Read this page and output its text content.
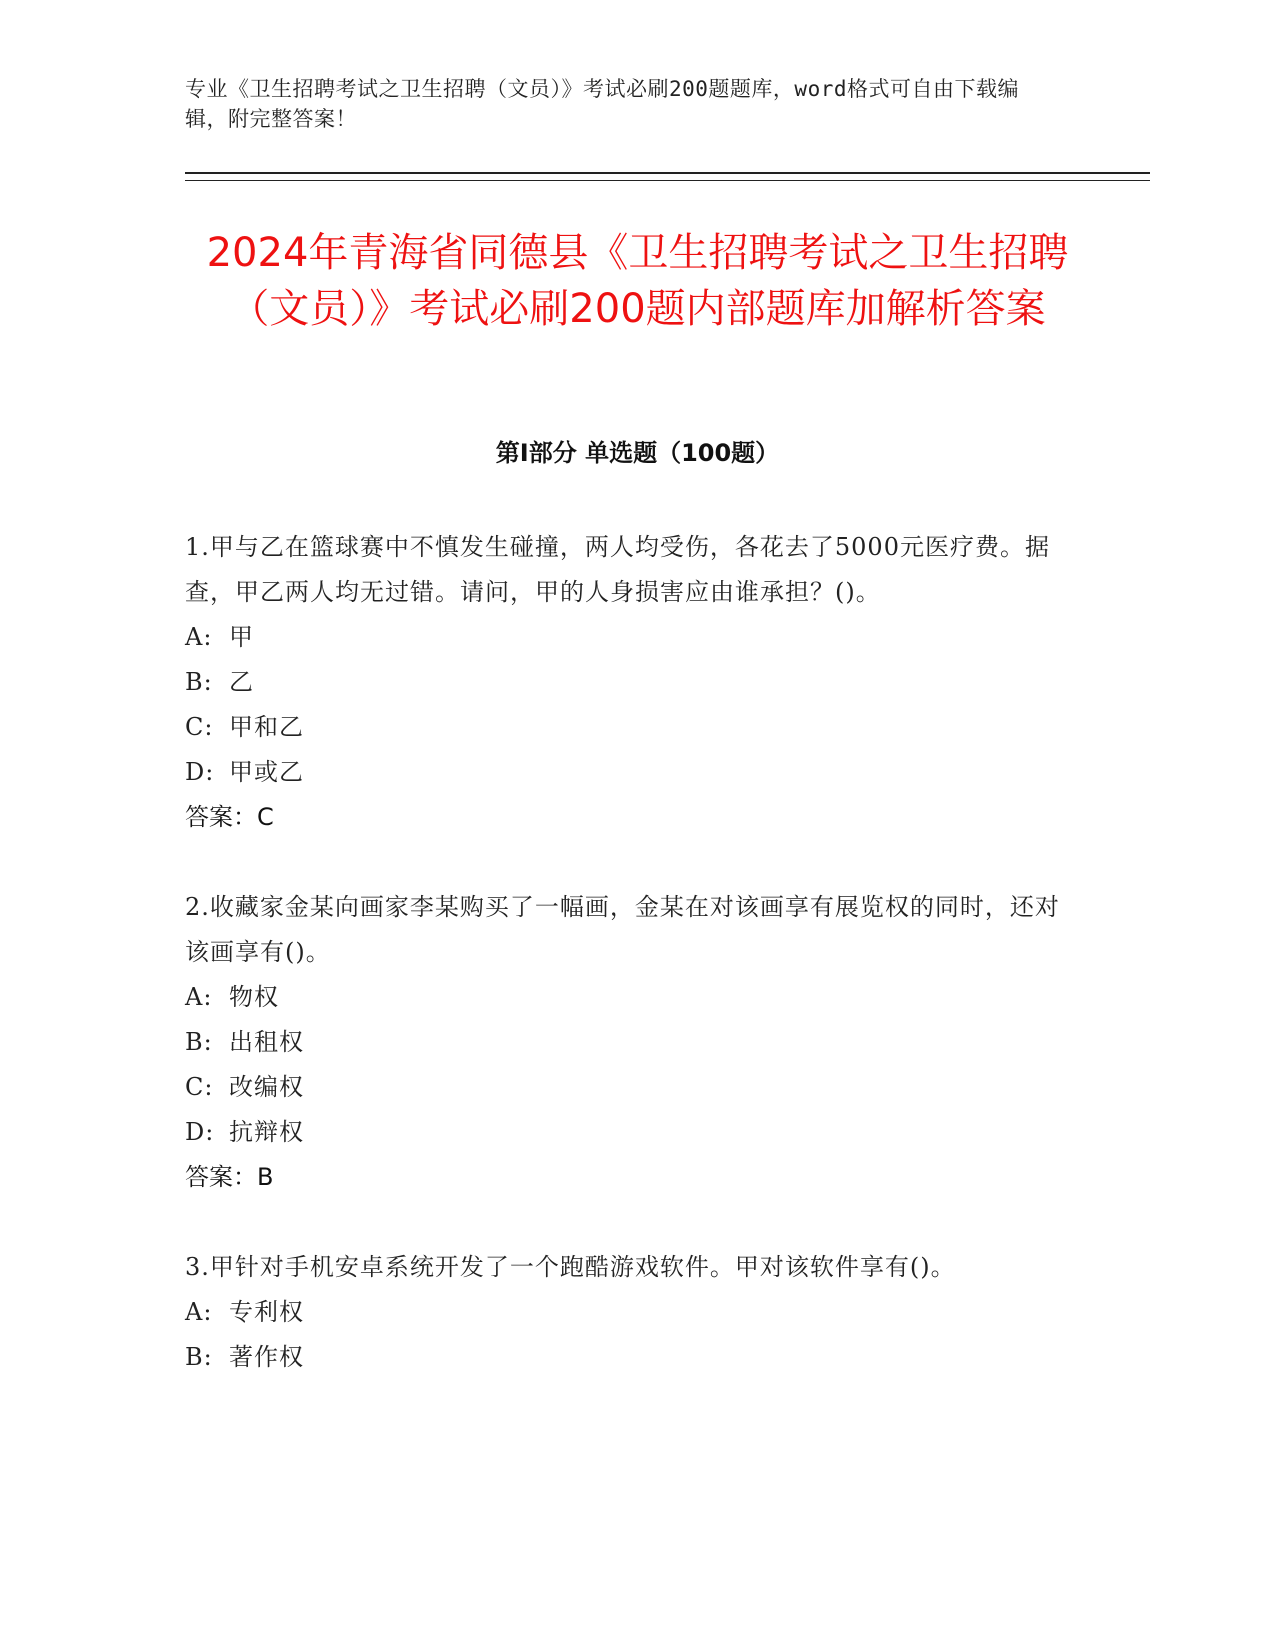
专业《卫生招聘考试之卫生招聘（文员）》考试必刷200题题库，word格式可自由下载编辑，附完整答案！
2024年青海省同德县《卫生招聘考试之卫生招聘（文员）》考试必刷200题内部题库加解析答案
第Ⅰ部分 单选题（100题）

1.甲与乙在篮球赛中不慎发生碰撞，两人均受伤，各花去了5000元医疗费。据查，甲乙两人均无过错。请问，甲的人身损害应由谁承担？()。

A: 甲

B: 乙

C: 甲和乙

D: 甲或乙

答案：C

2.收藏家金某向画家李某购买了一幅画，金某在对该画享有展览权的同时，还对该画享有()。

A: 物权

B: 出租权

C: 改编权

D: 抗辩权

答案：B

3.甲针对手机安卓系统开发了一个跑酷游戏软件。甲对该软件享有()。

A: 专利权

B: 著作权
